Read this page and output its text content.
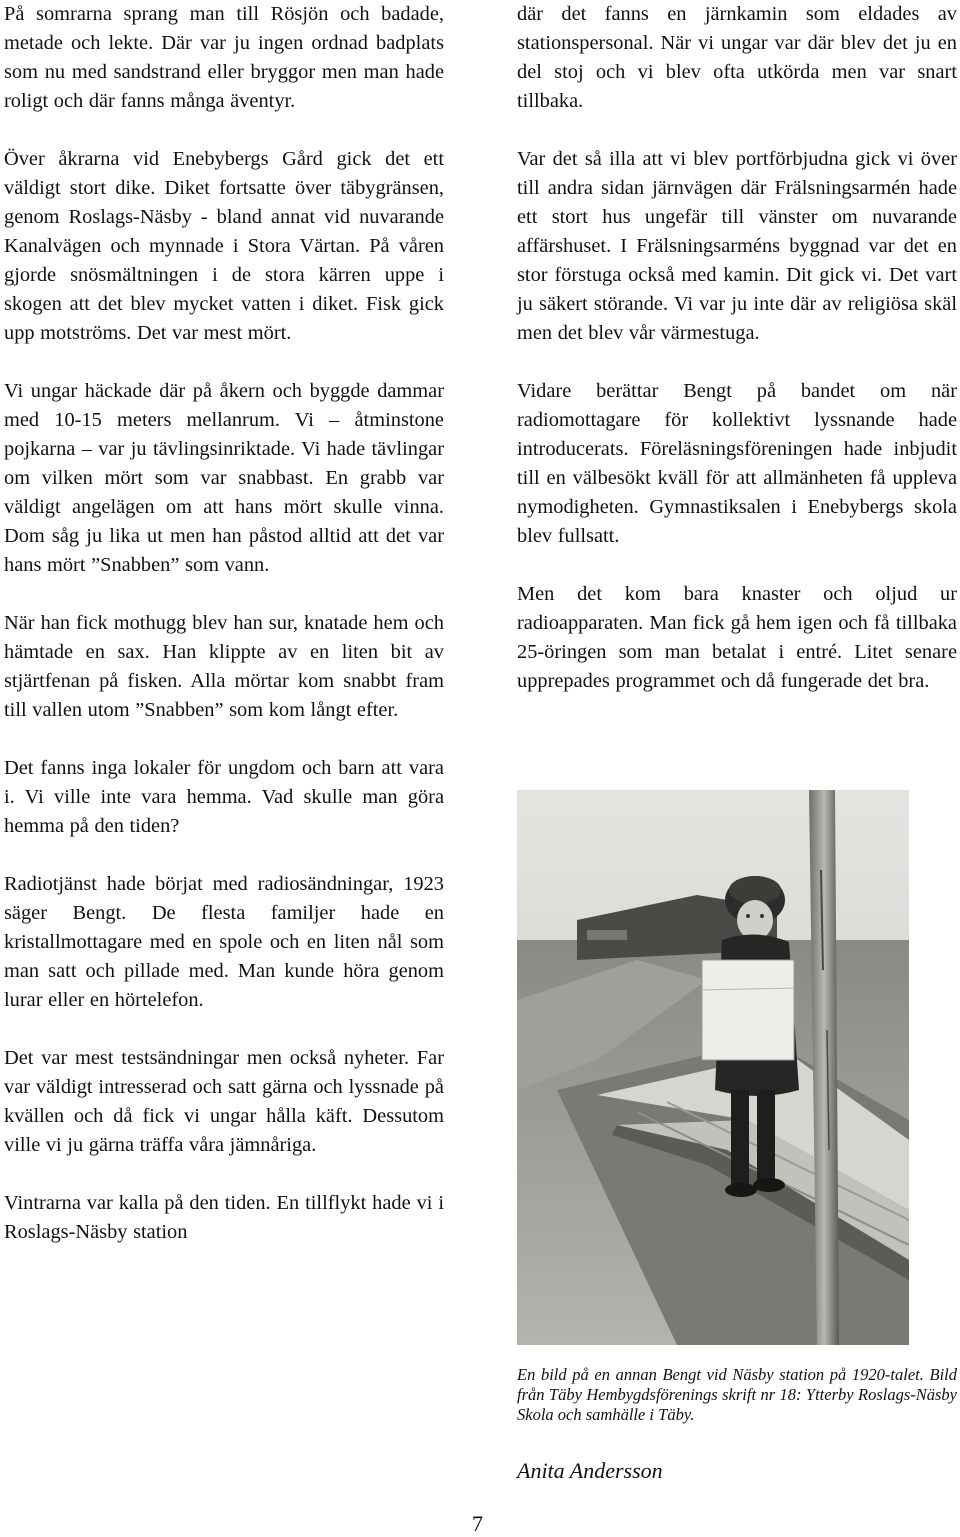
På somrarna sprang man till Rösjön och badade, metade och lekte. Där var ju ingen ordnad badplats som nu med sandstrand eller bryggor men man hade roligt och där fanns många äventyr.

Över åkrarna vid Enebybergs Gård gick det ett väldigt stort dike. Diket fortsatte över täbygränsen, genom Roslags-Näsby - bland annat vid nuvarande Kanalvägen och mynnade i Stora Värtan. På våren gjorde snösmältningen i de stora kärren uppe i skogen att det blev mycket vatten i diket. Fisk gick upp motströms. Det var mest mört.

Vi ungar häckade där på åkern och byggde dammar med 10-15 meters mellanrum. Vi – åtminstone pojkarna – var ju tävlingsinriktade. Vi hade tävlingar om vilken mört som var snabbast. En grabb var väldigt angelägen om att hans mört skulle vinna. Dom såg ju lika ut men han påstod alltid att det var hans mört ”Snabben” som vann.

När han fick mothugg blev han sur, knatade hem och hämtade en sax. Han klippte av en liten bit av stjärtfenan på fisken. Alla mörtar kom snabbt fram till vallen utom ”Snabben” som kom långt efter.

Det fanns inga lokaler för ungdom och barn att vara i. Vi ville inte vara hemma. Vad skulle man göra hemma på den tiden?

Radiotjänst hade börjat med radiosändningar, 1923 säger Bengt. De flesta familjer hade en kristallmottagare med en spole och en liten nål som man satt och pillade med. Man kunde höra genom lurar eller en hörtelefon.

Det var mest testsändningar men också nyheter. Far var väldigt intresserad och satt gärna och lyssnade på kvällen och då fick vi ungar hålla käft. Dessutom ville vi ju gärna träffa våra jämnåriga.

Vintrarna var kalla på den tiden. En tillflykt hade vi i Roslags-Näsby station

där det fanns en järnkamin som eldades av stationspersonal. När vi ungar var där blev det ju en del stoj och vi blev ofta utkörda men var snart tillbaka.

Var det så illa att vi blev portförbjudna gick vi över till andra sidan järnvägen där Frälsningsarmén hade ett stort hus ungefär till vänster om nuvarande affärshuset. I Frälsningsarméns byggnad var det en stor förstuga också med kamin. Dit gick vi. Det vart ju säkert störande. Vi var ju inte där av religiösa skäl men det blev vår värmestuga.

Vidare berättar Bengt på bandet om när radiomottagare för kollektivt lyssnande hade introducerats. Föreläsningsföreningen hade inbjudit till en välbesökt kväll för att allmänheten få uppleva nymodigheten. Gymnastiksalen i Enebybergs skola blev fullsatt.

Men det kom bara knaster och oljud ur radioapparaten. Man fick gå hem igen och få tillbaka 25-öringen som man betalat i entré. Litet senare upprepades programmet och då fungerade det bra.

En bild på en annan Bengt vid Näsby station på 1920-talet. Bild från Täby Hembygdsförenings skrift nr 18: Ytterby Roslags-Näsby Skola och samhälle i Täby.

Anita Andersson

7
